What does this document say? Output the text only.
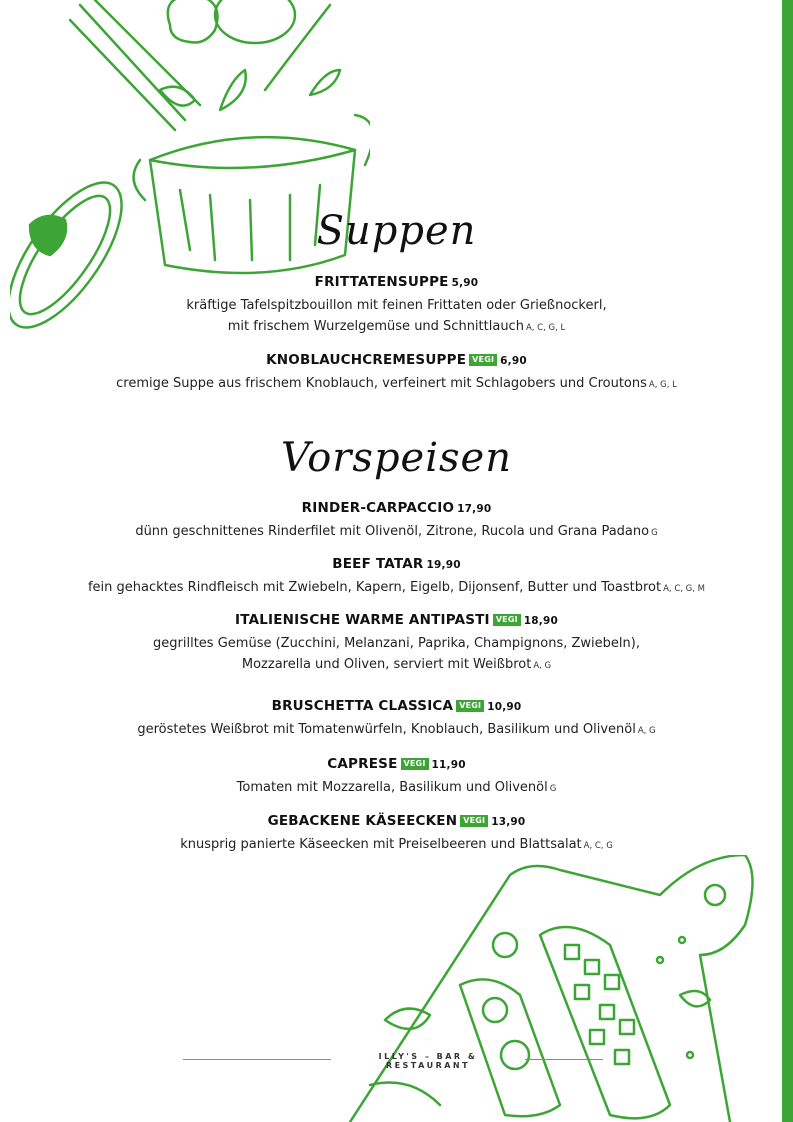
Suppen
FRITTATENSUPPE 5,90
kräftige Tafelspitzbouillon mit feinen Frittaten oder Grießnockerl,
mit frischem Wurzelgemüse und Schnittlauch A, C, G, L
KNOBLAUCHCREMESUPPE VEGI 6,90
cremige Suppe aus frischem Knoblauch, verfeinert mit Schlagobers und Croutons A, G, L
Vorspeisen
RINDER-CARPACCIO 17,90
dünn geschnittenes Rinderfilet mit Olivenöl, Zitrone, Rucola und Grana Padano G
BEEF TATAR 19,90
fein gehacktes Rindfleisch mit Zwiebeln, Kapern, Eigelb, Dijonsenf, Butter und Toastbrot A, C, G, M
ITALIENISCHE WARME ANTIPASTI VEGI 18,90
gegrilltes Gemüse (Zucchini, Melanzani, Paprika, Champignons, Zwiebeln),
Mozzarella und Oliven, serviert mit Weißbrot A, G
BRUSCHETTA CLASSICA VEGI 10,90
geröstetes Weißbrot mit Tomatenwürfeln, Knoblauch, Basilikum und Olivenöl A, G
CAPRESE VEGI 11,90
Tomaten mit Mozzarella, Basilikum und Olivenöl G
GEBACKENE KÄSEECKEN VEGI 13,90
knusprig panierte Käseecken mit Preiselbeeren und Blattsalat A, C, G
ILLY'S – BAR & RESTAURANT
